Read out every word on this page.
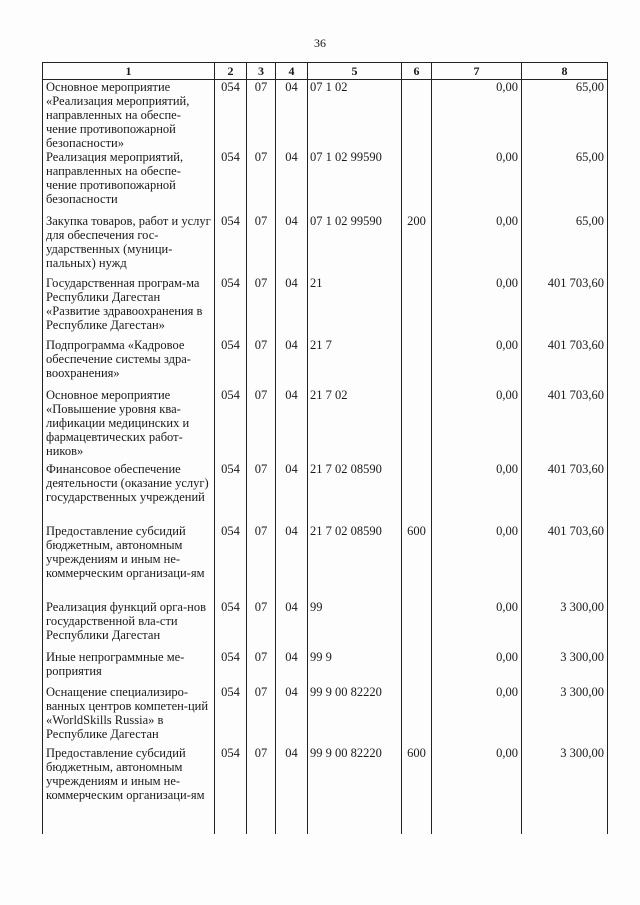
36
1	2	3	4	5	6	7	8
Основное мероприятие «Реализация мероприятий, направленных на обеспе-чение противопожарной безопасности»	054	07	04	07 1 02		0,00	65,00
Реализация мероприятий, направленных на обеспе-чение противопожарной безопасности	054	07	04	07 1 02 99590		0,00	65,00
Закупка товаров, работ и услуг для обеспечения гос-ударственных (муници-пальных) нужд	054	07	04	07 1 02 99590	200	0,00	65,00
Государственная програм-ма Республики Дагестан «Развитие здравоохранения в Республике Дагестан»	054	07	04	21		0,00	401 703,60
Подпрограмма «Кадровое обеспечение системы здра-воохранения»	054	07	04	21 7		0,00	401 703,60
Основное мероприятие «Повышение уровня ква-лификации медицинских и фармацевтических работ-ников»	054	07	04	21 7 02		0,00	401 703,60
Финансовое обеспечение деятельности (оказание услуг) государственных учреждений	054	07	04	21 7 02 08590		0,00	401 703,60
Предоставление субсидий бюджетным, автономным учреждениям и иным не-коммерческим организаци-ям	054	07	04	21 7 02 08590	600	0,00	401 703,60
Реализация функций орга-нов государственной вла-сти Республики Дагестан	054	07	04	99		0,00	3 300,00
Иные непрограммные ме-роприятия	054	07	04	99 9		0,00	3 300,00
Оснащение специализиро-ванных центров компетен-ций «WorldSkills Russia» в Республике Дагестан	054	07	04	99 9 00 82220		0,00	3 300,00
Предоставление субсидий бюджетным, автономным учреждениям и иным не-коммерческим организаци-ям	054	07	04	99 9 00 82220	600	0,00	3 300,00
